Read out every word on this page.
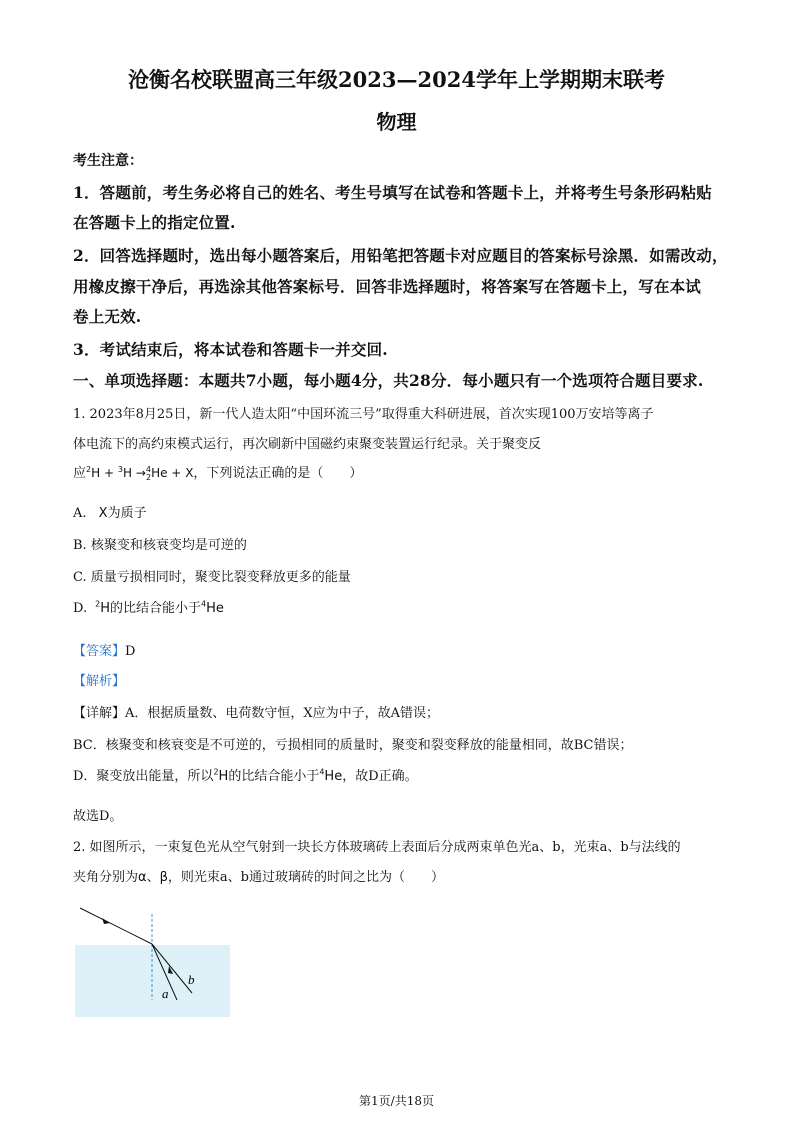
沧衡名校联盟高三年级2023—2024学年上学期期末联考
物理
考生注意：
1．答题前，考生务必将自己的姓名、考生号填写在试卷和答题卡上，并将考生号条形码粘贴
在答题卡上的指定位置.
2．回答选择题时，选出每小题答案后，用铅笔把答题卡对应题目的答案标号涂黑．如需改动，
用橡皮擦干净后，再选涂其他答案标号．回答非选择题时，将答案写在答题卡上，写在本试
卷上无效.
3．考试结束后，将本试卷和答题卡一并交回.
一、单项选择题：本题共7小题，每小题4分，共28分．每小题只有一个选项符合题目要求.
1. 2023年8月25日，新一代人造太阳“中国环流三号”取得重大科研进展，首次实现100万安培等离子
体电流下的高约束模式运行，再次刷新中国磁约束聚变装置运行纪录。关于聚变反
应$^2$H + $^3$H →$^4_2$He + X，下列说法正确的是（　　）
A. X为质子
B. 核聚变和核衰变均是可逆的
C. 质量亏损相同时，聚变比裂变释放更多的能量
D. $^2$H的比结合能小于$^4$He
【答案】D
【解析】
【详解】A．根据质量数、电荷数守恒，X应为中子，故A错误；
BC．核聚变和核衰变是不可逆的，亏损相同的质量时，聚变和裂变释放的能量相同，故BC错误；
D．聚变放出能量，所以$^2$H的比结合能小于$^4$He，故D正确。
故选D。
2. 如图所示，一束复色光从空气射到一块长方体玻璃砖上表面后分成两束单色光a、b，光束a、b与法线的
夹角分别为α、β，则光束a、b通过玻璃砖的时间之比为（　　）
a
b
第1页/共18页
